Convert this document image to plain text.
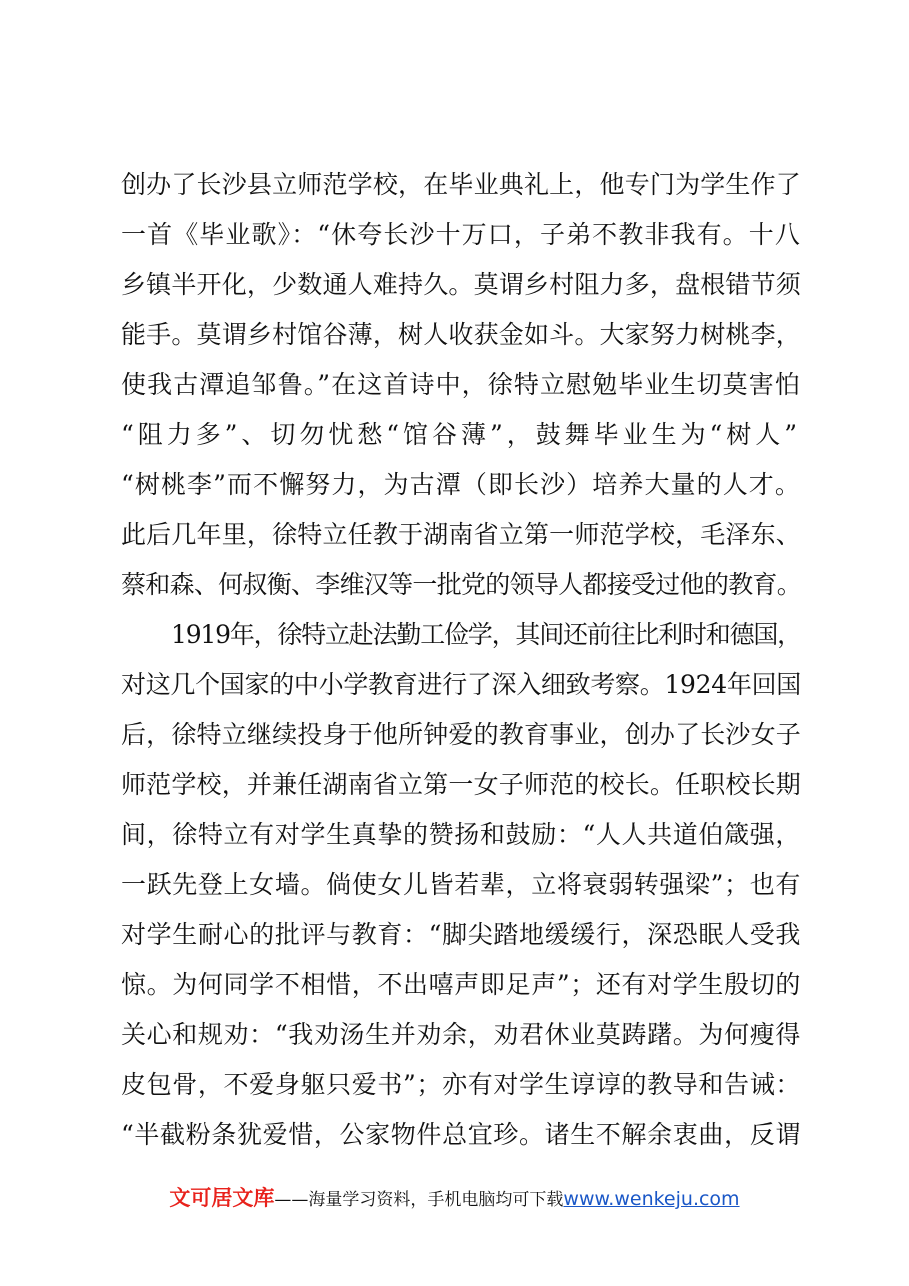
创办了长沙县立师范学校，在毕业典礼上，他专门为学生作了
一首《毕业歌》：“休夸长沙十万口，子弟不教非我有。十八
乡镇半开化，少数通人难持久。莫谓乡村阻力多，盘根错节须
能手。莫谓乡村馆谷薄，树人收获金如斗。大家努力树桃李，
使我古潭追邹鲁。”在这首诗中，徐特立慰勉毕业生切莫害怕
“阻力多”、切勿忧愁“馆谷薄”，鼓舞毕业生为“树人”
“树桃李”而不懈努力，为古潭（即长沙）培养大量的人才。
此后几年里，徐特立任教于湖南省立第一师范学校，毛泽东、
蔡和森、何叔衡、李维汉等一批党的领导人都接受过他的教育。
1919年，徐特立赴法勤工俭学，其间还前往比利时和德国，
对这几个国家的中小学教育进行了深入细致考察。1924年回国
后，徐特立继续投身于他所钟爱的教育事业，创办了长沙女子
师范学校，并兼任湖南省立第一女子师范的校长。任职校长期
间，徐特立有对学生真挚的赞扬和鼓励：“人人共道伯箴强，
一跃先登上女墙。倘使女儿皆若辈，立将衰弱转强梁”；也有
对学生耐心的批评与教育：“脚尖踏地缓缓行，深恐眠人受我
惊。为何同学不相惜，不出嘻声即足声”；还有对学生殷切的
关心和规劝：“我劝汤生并劝余，劝君休业莫踌躇。为何瘦得
皮包骨，不爱身躯只爱书”；亦有对学生谆谆的教导和告诫：
“半截粉条犹爱惜，公家物件总宜珍。诸生不解余衷曲，反谓
文可居文库——海量学习资料，手机电脑均可下载www.wenkeju.com
